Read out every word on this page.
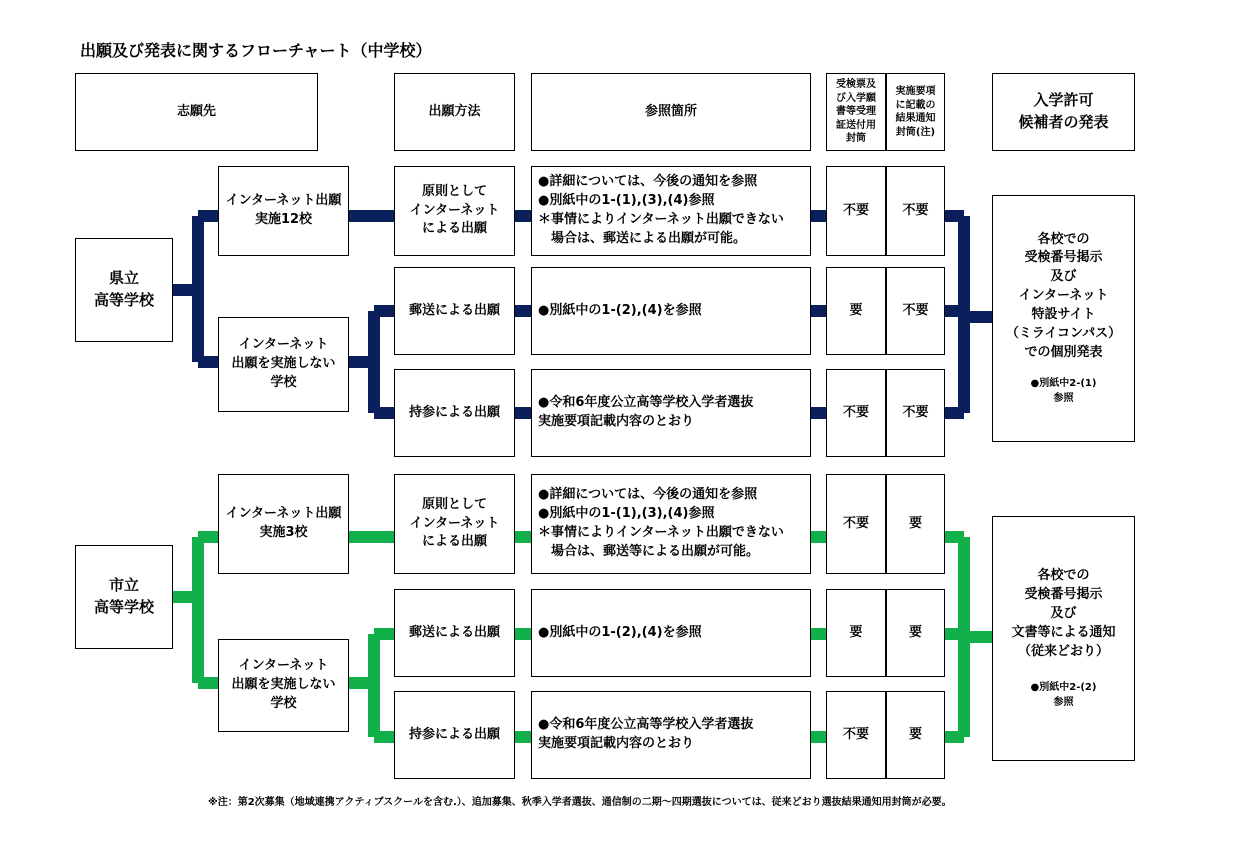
出願及び発表に関するフローチャート（中学校）
志願先	出願方法	参照箇所
受検票及
び入学願
書等受理
証送付用
封筒
実施要項
に記載の
結果通知
封筒(注)
入学許可
候補者の発表
県立
高等学校
インターネット出願
実施12校
インターネット
出願を実施しない
学校
原則として
インターネット
による出願
郵送による出願
持参による出願
●詳細については、今後の通知を参照
●別紙中の1-(1),(3),(4)参照
＊事情によりインターネット出願できない
　場合は、郵送による出願が可能。
●別紙中の1-(2),(4)を参照
●令和6年度公立高等学校入学者選抜
実施要項記載内容のとおり
不要	不要
要	不要
不要	不要
各校での
受検番号掲示
及び
インターネット
特設サイト
（ミライコンパス）
での個別発表
●別紙中2-(1)
参照
市立
高等学校
インターネット出願
実施3校
インターネット
出願を実施しない
学校
原則として
インターネット
による出願
郵送による出願
持参による出願
●詳細については、今後の通知を参照
●別紙中の1-(1),(3),(4)参照
＊事情によりインターネット出願できない
　場合は、郵送等による出願が可能。
●別紙中の1-(2),(4)を参照
●令和6年度公立高等学校入学者選抜
実施要項記載内容のとおり
不要	要
要	要
不要	要
各校での
受検番号掲示
及び
文書等による通知
（従来どおり）
●別紙中2-(2)
参照
※注：第2次募集（地域連携アクティブスクールを含む.）、追加募集、秋季入学者選抜、通信制の二期～四期選抜については、従来どおり選抜結果通知用封筒が必要。
